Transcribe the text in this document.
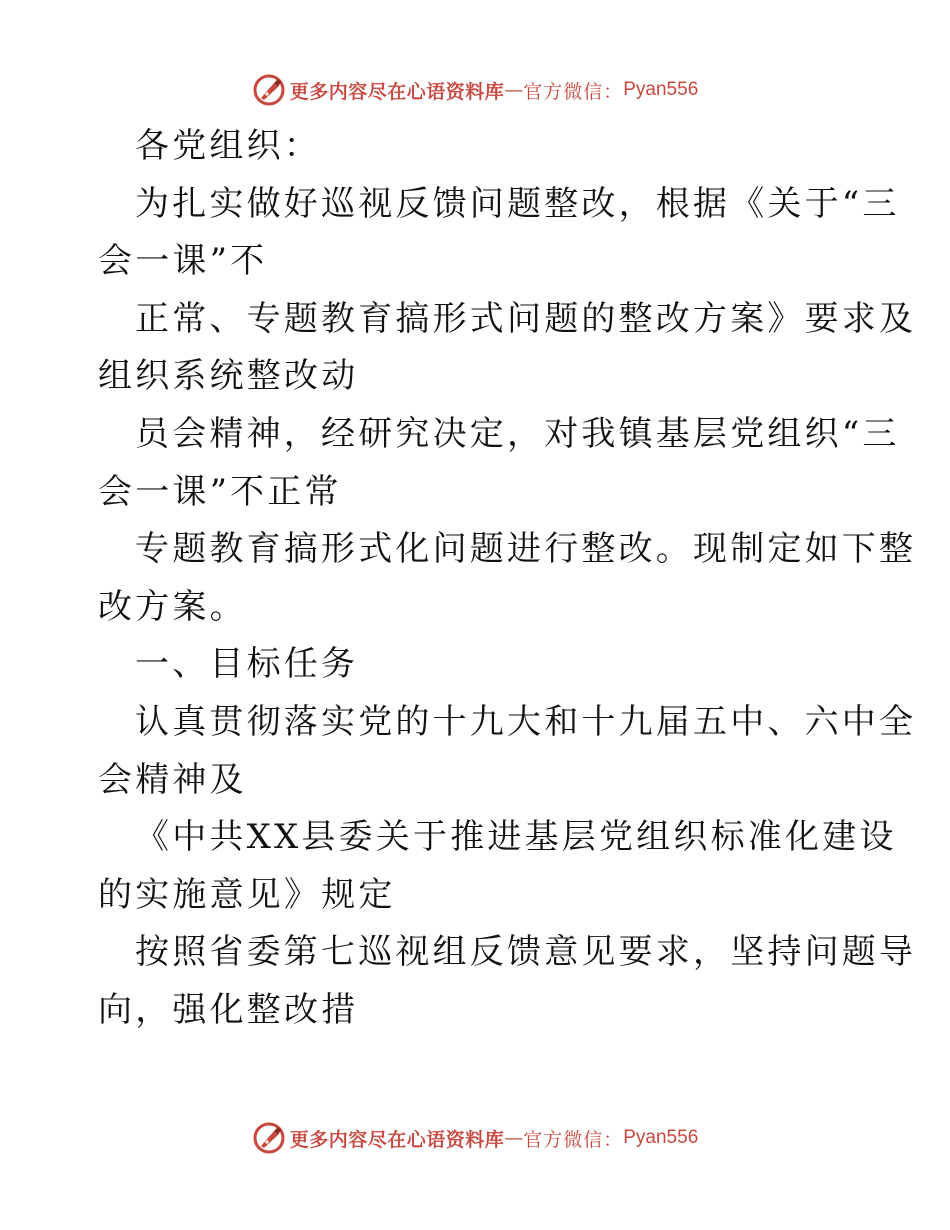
更多内容尽在心语资料库 — 官方微信： Pyan556
各党组织：
为扎实做好巡视反馈问题整改，根据《关于“三
会一课”不
正常、专题教育搞形式问题的整改方案》要求及
组织系统整改动
员会精神，经研究决定，对我镇基层党组织“三
会一课”不正常
专题教育搞形式化问题进行整改。现制定如下整
改方案。
一、目标任务
认真贯彻落实党的十九大和十九届五中、六中全
会精神及
《中共XX县委关于推进基层党组织标准化建设
的实施意见》规定
按照省委第七巡视组反馈意见要求，坚持问题导
向，强化整改措
更多内容尽在心语资料库 — 官方微信： Pyan556
